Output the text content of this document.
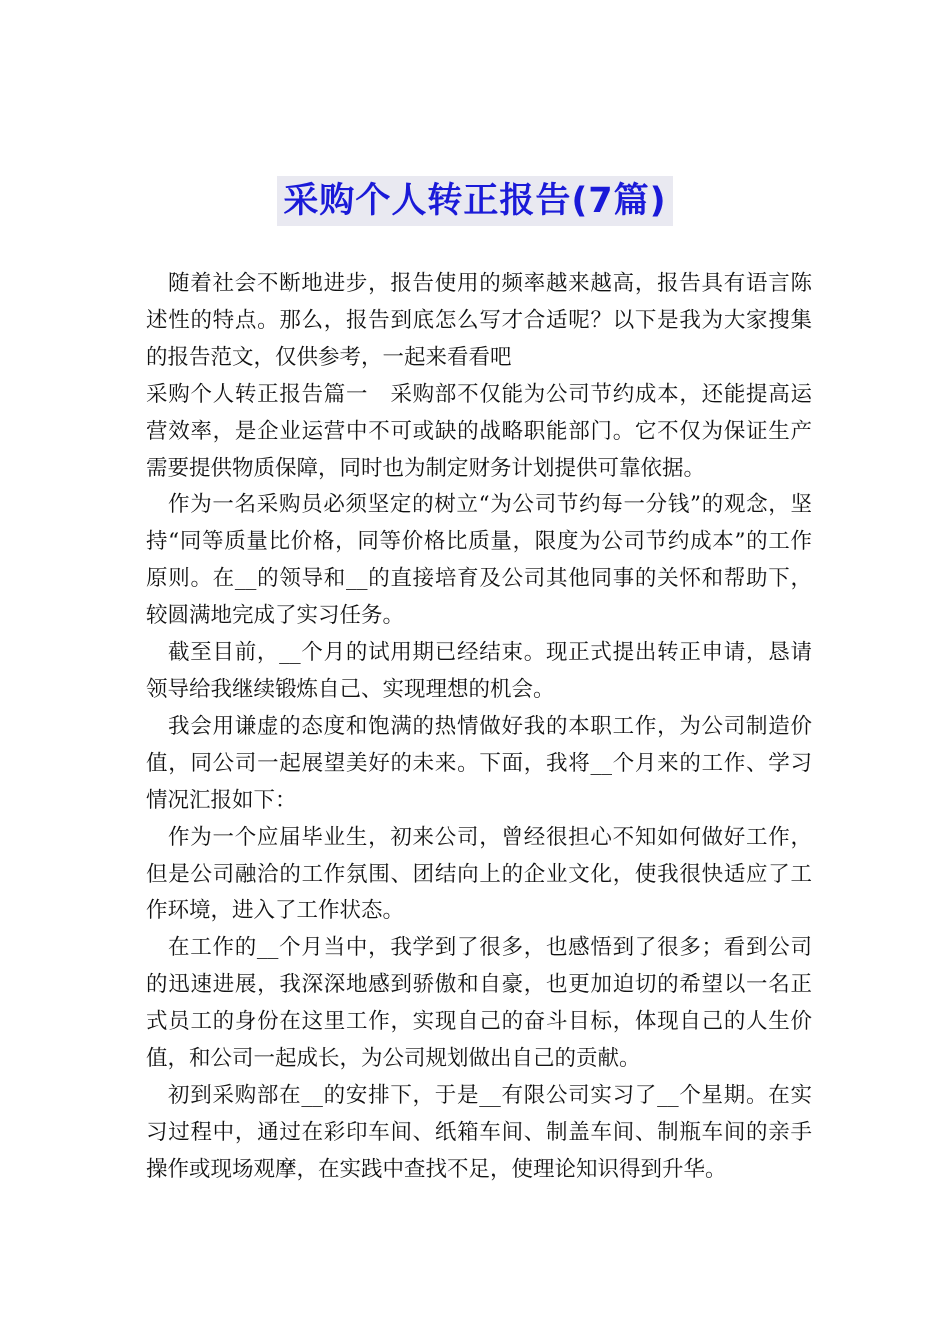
采购个人转正报告(7篇)

随着社会不断地进步，报告使用的频率越来越高，报告具有语言陈述性的特点。那么，报告到底怎么写才合适呢？以下是我为大家搜集的报告范文，仅供参考，一起来看看吧

采购个人转正报告篇一　采购部不仅能为公司节约成本，还能提高运营效率，是企业运营中不可或缺的战略职能部门。它不仅为保证生产需要提供物质保障，同时也为制定财务计划提供可靠依据。

作为一名采购员必须坚定的树立“为公司节约每一分钱”的观念，坚持“同等质量比价格，同等价格比质量，限度为公司节约成本”的工作原则。在__的领导和__的直接培育及公司其他同事的关怀和帮助下，较圆满地完成了实习任务。

截至目前，__个月的试用期已经结束。现正式提出转正申请，恳请领导给我继续锻炼自己、实现理想的机会。

我会用谦虚的态度和饱满的热情做好我的本职工作，为公司制造价值，同公司一起展望美好的未来。下面，我将__个月来的工作、学习情况汇报如下：

作为一个应届毕业生，初来公司，曾经很担心不知如何做好工作，但是公司融洽的工作氛围、团结向上的企业文化，使我很快适应了工作环境，进入了工作状态。

在工作的__个月当中，我学到了很多，也感悟到了很多；看到公司的迅速进展，我深深地感到骄傲和自豪，也更加迫切的希望以一名正式员工的身份在这里工作，实现自己的奋斗目标，体现自己的人生价值，和公司一起成长，为公司规划做出自己的贡献。

初到采购部在__的安排下，于是__有限公司实习了__个星期。在实习过程中，通过在彩印车间、纸箱车间、制盖车间、制瓶车间的亲手操作或现场观摩，在实践中查找不足，使理论知识得到升华。
